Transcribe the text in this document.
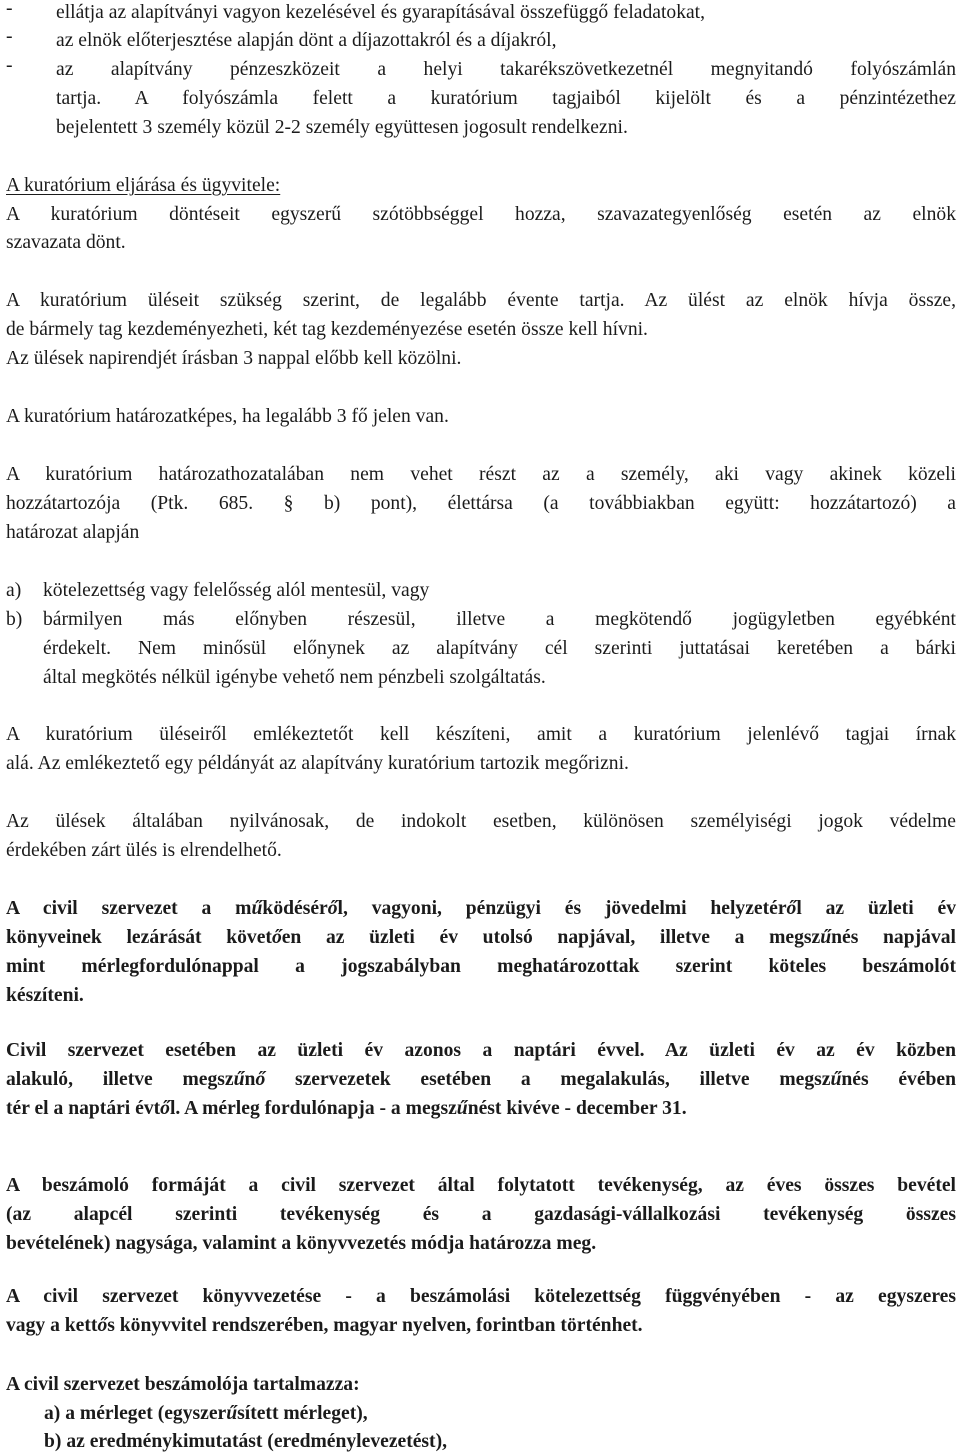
-	ellátja az alapítványi vagyon kezelésével és gyarapításával összefüggő feladatokat,
-	az elnök előterjesztése alapján dönt a díjazottakról és a díjakról,
-	az alapítvány pénzeszközeit a helyi takarékszövetkezetnél megnyitandó folyószámlán
tartja. A folyószámla felett a kuratórium tagjaiból kijelölt és a pénzintézethez
bejelentett 3 személy közül 2-2 személy együttesen jogosult rendelkezni.
A kuratórium eljárása és ügyvitele:
A kuratórium döntéseit egyszerű szótöbbséggel hozza, szavazategyenlőség esetén az elnök
szavazata dönt.
A kuratórium üléseit szükség szerint, de legalább évente tartja. Az ülést az elnök hívja össze,
de bármely tag kezdeményezheti, két tag kezdeményezése esetén össze kell hívni.
Az ülések napirendjét írásban 3 nappal előbb kell közölni.
A kuratórium határozatképes, ha legalább 3 fő jelen van.
A kuratórium határozathozatalában nem vehet részt az a személy, aki vagy akinek közeli
hozzátartozója (Ptk. 685. § b) pont), élettársa (a továbbiakban együtt: hozzátartozó) a
határozat alapján
a)	kötelezettség vagy felelősség alól mentesül, vagy
b)	bármilyen más előnyben részesül, illetve a megkötendő jogügyletben egyébként
érdekelt. Nem minősül előnynek az alapítvány cél szerinti juttatásai keretében a bárki
által megkötés nélkül igénybe vehető nem pénzbeli szolgáltatás.
A kuratórium üléseiről emlékeztetőt kell készíteni, amit a kuratórium jelenlévő tagjai írnak
alá. Az emlékeztető egy példányát az alapítvány kuratórium tartozik megőrizni.
Az ülések általában nyilvánosak, de indokolt esetben, különösen személyiségi jogok védelme
érdekében zárt ülés is elrendelhető.
A civil szervezet a működéséről, vagyoni, pénzügyi és jövedelmi helyzetéről az üzleti év
könyveinek lezárását követően az üzleti év utolsó napjával, illetve a megszűnés napjával
mint mérlegfordulónappal a jogszabályban meghatározottak szerint köteles beszámolót
készíteni.
Civil szervezet esetében az üzleti év azonos a naptári évvel. Az üzleti év az év közben
alakuló, illetve megszűnő szervezetek esetében a megalakulás, illetve megszűnés évében
tér el a naptári évtől. A mérleg fordulónapja - a megszűnést kivéve - december 31.
A beszámoló formáját a civil szervezet által folytatott tevékenység, az éves összes bevétel
(az alapcél szerinti tevékenység és a gazdasági-vállalkozási tevékenység összes
bevételének) nagysága, valamint a könyvvezetés módja határozza meg.
A civil szervezet könyvvezetése - a beszámolási kötelezettség függvényében - az egyszeres
vagy a kettős könyvvitel rendszerében, magyar nyelven, forintban történhet.
A civil szervezet beszámolója tartalmazza:
a) a mérleget (egyszerűsített mérleget),
b) az eredménykimutatást (eredménylevezetést),
